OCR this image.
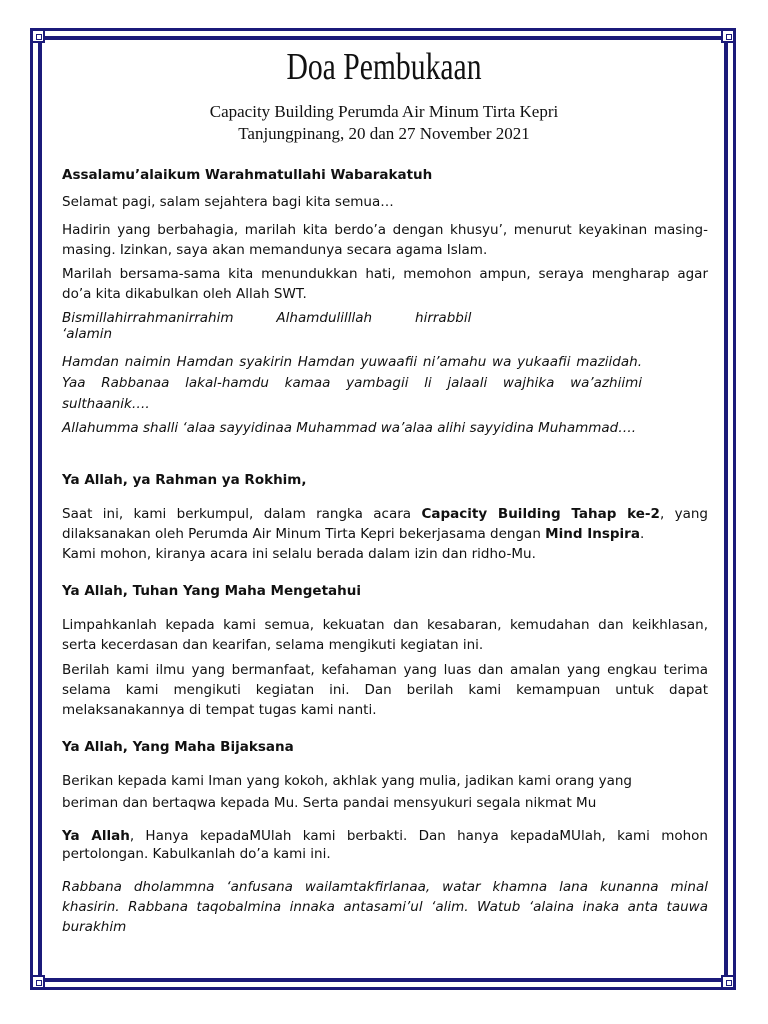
Doa Pembukaan
Capacity Building Perumda Air Minum Tirta Kepri
Tanjungpinang, 20 dan 27 November 2021

Assalamu’alaikum Warahmatullahi Wabarakatuh

Selamat pagi, salam sejahtera bagi kita semua…

Hadirin yang berbahagia, marilah kita berdo’a dengan khusyu’, menurut keyakinan masing-masing. Izinkan, saya akan memandunya secara agama Islam.

Marilah bersama-sama kita menundukkan hati, memohon ampun, seraya mengharap agar do’a kita dikabulkan oleh Allah SWT.

Bismillahirrahmanirrahim          Alhamdulilllah          hirrabbil
‘alamin

Hamdan naimin Hamdan syakirin Hamdan yuwaafii ni’amahu wa yukaafii maziidah. Yaa Rabbanaa lakal-hamdu kamaa yambagii li jalaali wajhika wa’azhiimi sulthaanik….

Allahumma shalli ‘alaa sayyidinaa Muhammad wa’alaa alihi sayyidina Muhammad….

Ya Allah, ya Rahman ya Rokhim,

Saat ini, kami berkumpul, dalam rangka acara Capacity Building Tahap ke-2, yang dilaksanakan oleh Perumda Air Minum Tirta Kepri bekerjasama dengan Mind Inspira.

Kami mohon, kiranya acara ini selalu berada dalam izin dan ridho-Mu.

Ya Allah, Tuhan Yang Maha Mengetahui

Limpahkanlah kepada kami semua, kekuatan dan kesabaran, kemudahan dan keikhlasan, serta kecerdasan dan kearifan, selama mengikuti kegiatan ini.

Berilah kami ilmu yang bermanfaat, kefahaman yang luas dan amalan yang engkau terima selama kami mengikuti kegiatan ini. Dan berilah kami kemampuan untuk dapat melaksanakannya di tempat tugas kami nanti.

Ya Allah, Yang Maha Bijaksana

Berikan kepada kami Iman yang kokoh, akhlak yang mulia, jadikan kami orang yang beriman dan bertaqwa kepada Mu. Serta pandai mensyukuri segala nikmat Mu

Ya Allah, Hanya kepadaMUlah kami berbakti. Dan hanya kepadaMUlah, kami mohon pertolongan. Kabulkanlah do’a kami ini.

Rabbana dholammna ‘anfusana wailamtakfirlanaa, watar khamna lana kunanna minal khasirin. Rabbana taqobalmina innaka antasami’ul ‘alim. Watub ‘alaina inaka anta tauwa burakhim
